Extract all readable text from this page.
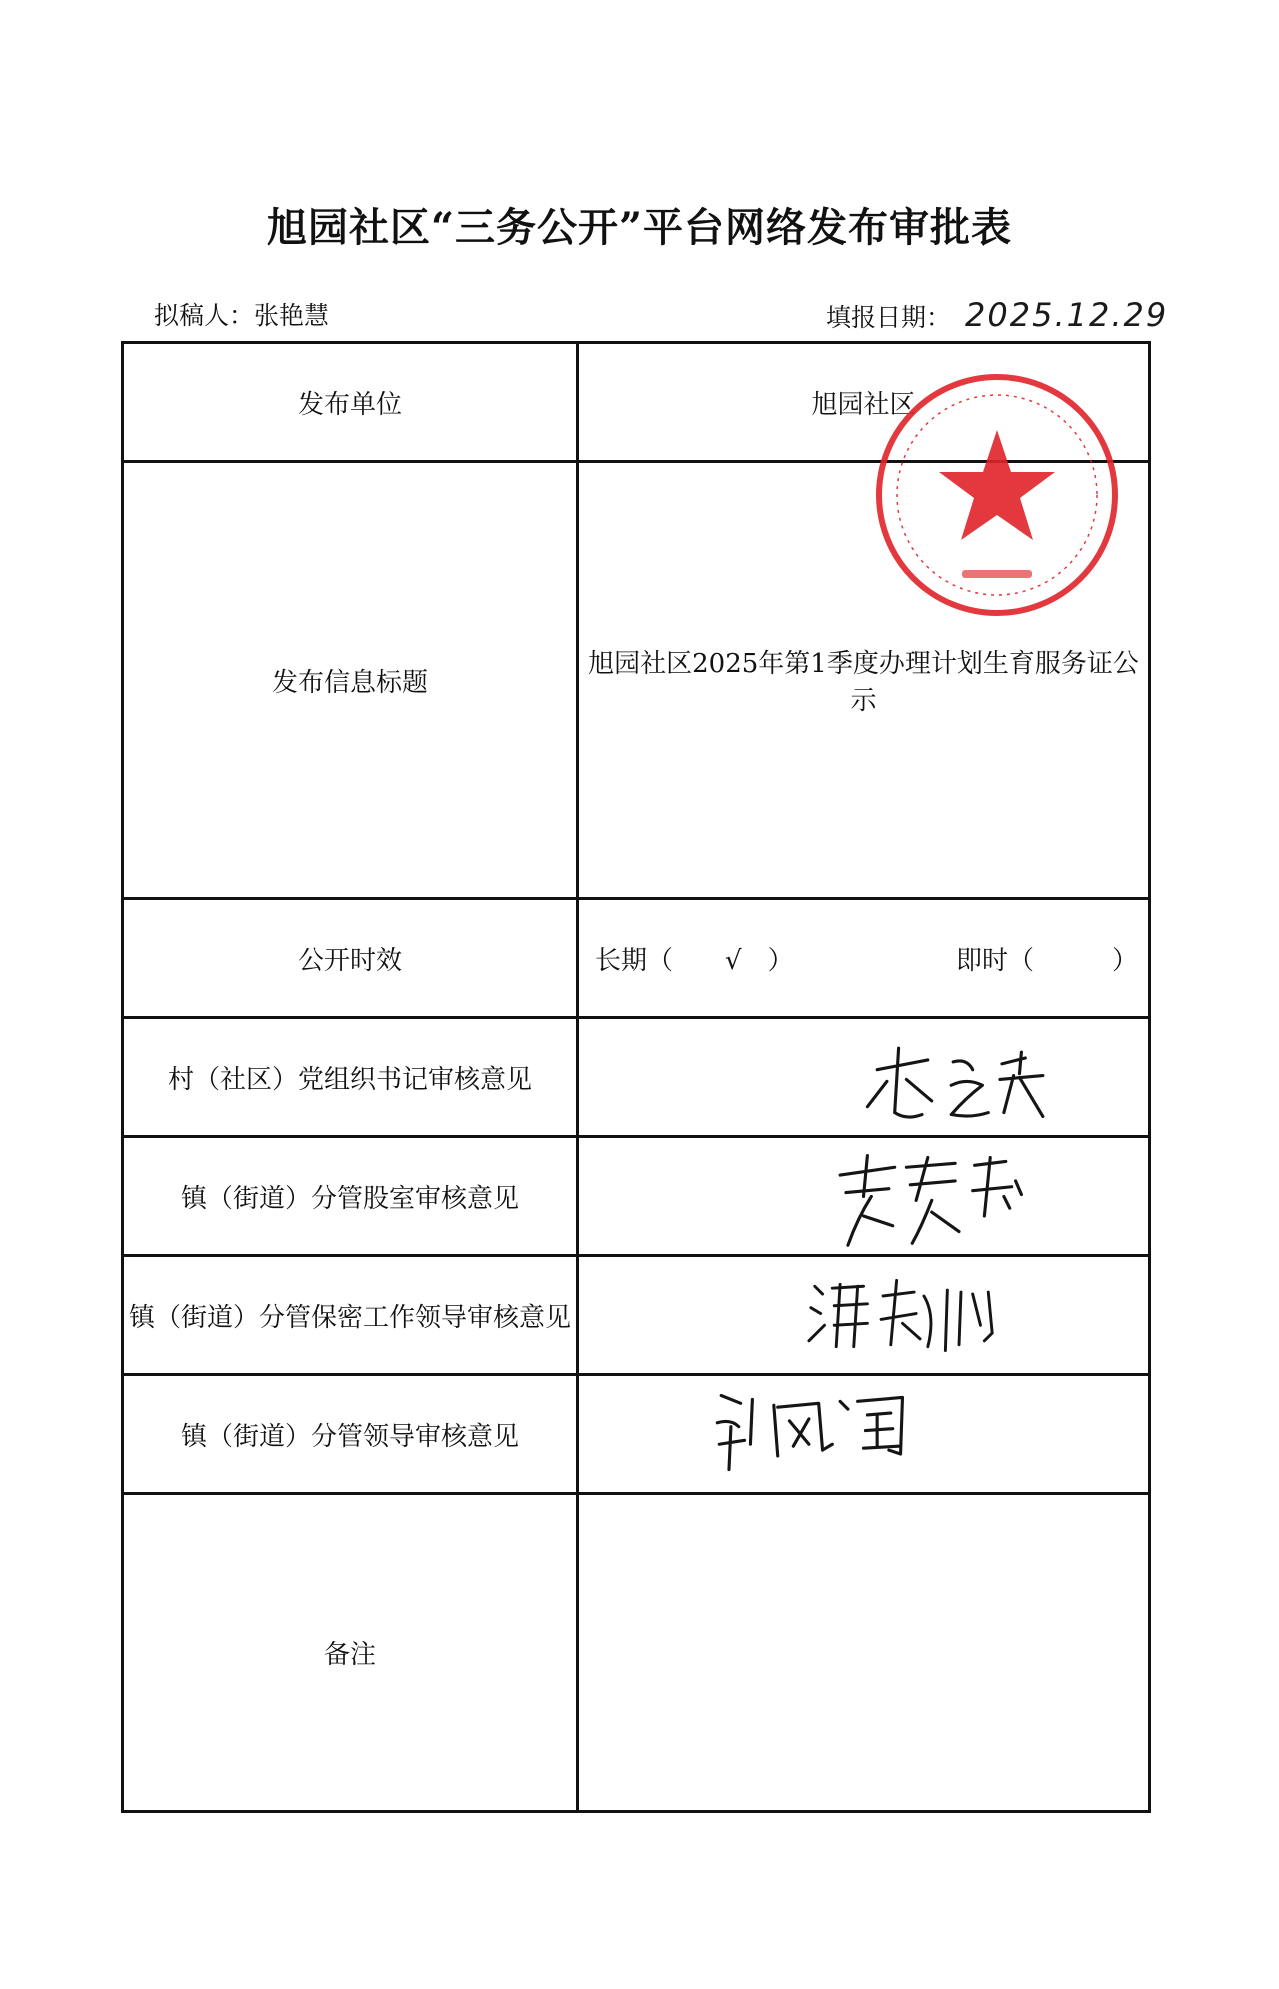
旭园社区“三务公开”平台网络发布审批表
拟稿人：张艳慧	填报日期： 2025.12.29
发布单位	旭园社区
发布信息标题	旭园社区2025年第1季度办理计划生育服务证公示
公开时效	长期（　　√　） 即时（　　　）

村（社区）党组织书记审核意见	

镇（街道）分管股室审核意见	

镇（街道）分管保密工作领导审核意见	

镇（街道）分管领导审核意见	

备注	
